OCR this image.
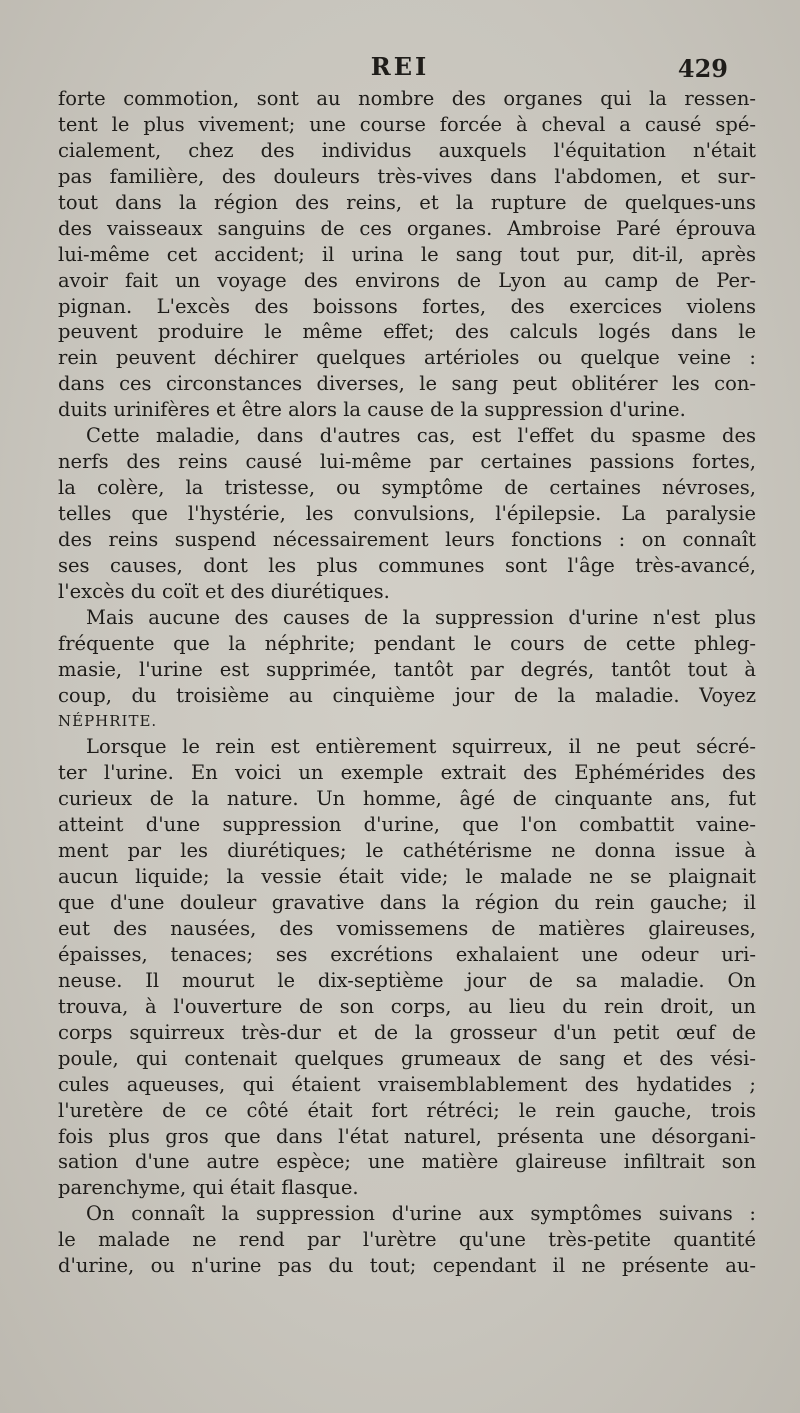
REI	429
forte commotion, sont au nombre des organes qui la ressen-
tent le plus vivement; une course forcée à cheval a causé spé-
cialement, chez des individus auxquels l'équitation n'était
pas familière, des douleurs très-vives dans l'abdomen, et sur-
tout dans la région des reins, et la rupture de quelques-uns
des vaisseaux sanguins de ces organes. Ambroise Paré éprouva
lui-même cet accident; il urina le sang tout pur, dit-il, après
avoir fait un voyage des environs de Lyon au camp de Per-
pignan. L'excès des boissons fortes, des exercices violens
peuvent produire le même effet; des calculs logés dans le
rein peuvent déchirer quelques artérioles ou quelque veine :
dans ces circonstances diverses, le sang peut oblitérer les con-
duits urinifères et être alors la cause de la suppression d'urine.
Cette maladie, dans d'autres cas, est l'effet du spasme des
nerfs des reins causé lui-même par certaines passions fortes,
la colère, la tristesse, ou symptôme de certaines névroses,
telles que l'hystérie, les convulsions, l'épilepsie. La paralysie
des reins suspend nécessairement leurs fonctions : on connaît
ses causes, dont les plus communes sont l'âge très-avancé,
l'excès du coït et des diurétiques.
Mais aucune des causes de la suppression d'urine n'est plus
fréquente que la néphrite; pendant le cours de cette phleg-
masie, l'urine est supprimée, tantôt par degrés, tantôt tout à
coup, du troisième au cinquième jour de la maladie. Voyez
NÉPHRITE.
Lorsque le rein est entièrement squirreux, il ne peut sécré-
ter l'urine. En voici un exemple extrait des Ephémérides des
curieux de la nature. Un homme, âgé de cinquante ans, fut
atteint d'une suppression d'urine, que l'on combattit vaine-
ment par les diurétiques; le cathétérisme ne donna issue à
aucun liquide; la vessie était vide; le malade ne se plaignait
que d'une douleur gravative dans la région du rein gauche; il
eut des nausées, des vomissemens de matières glaireuses,
épaisses, tenaces; ses excrétions exhalaient une odeur uri-
neuse. Il mourut le dix-septième jour de sa maladie. On
trouva, à l'ouverture de son corps, au lieu du rein droit, un
corps squirreux très-dur et de la grosseur d'un petit œuf de
poule, qui contenait quelques grumeaux de sang et des vési-
cules aqueuses, qui étaient vraisemblablement des hydatides ;
l'uretère de ce côté était fort rétréci; le rein gauche, trois
fois plus gros que dans l'état naturel, présenta une désorgani-
sation d'une autre espèce; une matière glaireuse infiltrait son
parenchyme, qui était flasque.
On connaît la suppression d'urine aux symptômes suivans :
le malade ne rend par l'urètre qu'une très-petite quantité
d'urine, ou n'urine pas du tout; cependant il ne présente au-
